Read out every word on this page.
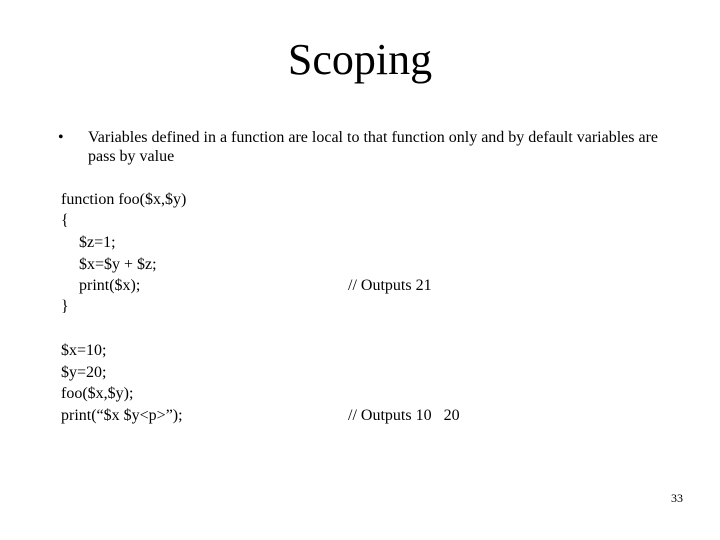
Scoping
• Variables defined in a function are local to that function only and by default variables are pass by value
function foo($x,$y)
{
$z=1;
$x=$y + $z;
print($x);
}
// Outputs 21
$x=10;
$y=20;
foo($x,$y);
print(“$x $y<p>”);	// Outputs 10   20
33
